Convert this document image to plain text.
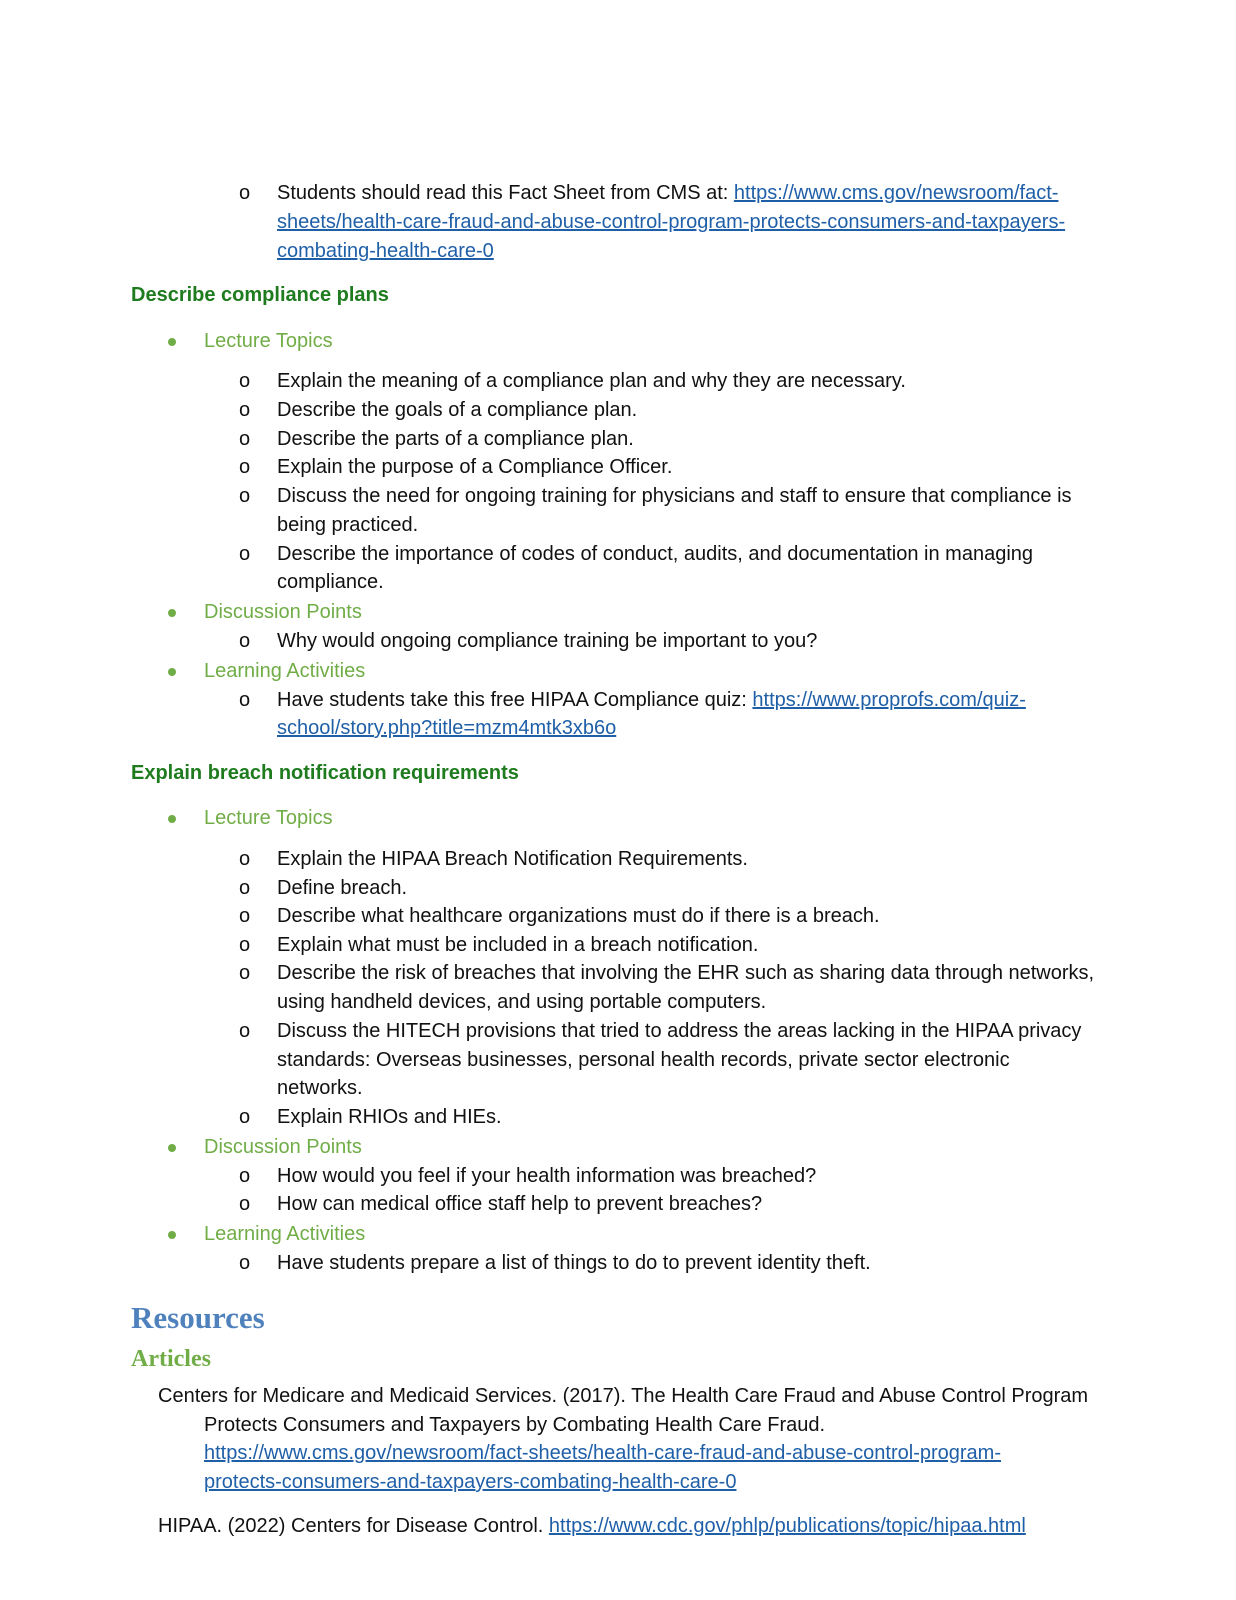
o Students should read this Fact Sheet from CMS at: https://www.cms.gov/newsroom/fact-
sheets/health-care-fraud-and-abuse-control-program-protects-consumers-and-taxpayers-
combating-health-care-0
Describe compliance plans
Lecture Topics
o Explain the meaning of a compliance plan and why they are necessary.
o Describe the goals of a compliance plan.
o Describe the parts of a compliance plan.
o Explain the purpose of a Compliance Officer.
o Discuss the need for ongoing training for physicians and staff to ensure that compliance is
being practiced.
o Describe the importance of codes of conduct, audits, and documentation in managing
compliance.
Discussion Points
o Why would ongoing compliance training be important to you?
Learning Activities
o Have students take this free HIPAA Compliance quiz: https://www.proprofs.com/quiz-
school/story.php?title=mzm4mtk3xb6o
Explain breach notification requirements
Lecture Topics
o Explain the HIPAA Breach Notification Requirements.
o Define breach.
o Describe what healthcare organizations must do if there is a breach.
o Explain what must be included in a breach notification.
o Describe the risk of breaches that involving the EHR such as sharing data through networks,
using handheld devices, and using portable computers.
o Discuss the HITECH provisions that tried to address the areas lacking in the HIPAA privacy
standards: Overseas businesses, personal health records, private sector electronic
networks.
o Explain RHIOs and HIEs.
Discussion Points
o How would you feel if your health information was breached?
o How can medical office staff help to prevent breaches?
Learning Activities
o Have students prepare a list of things to do to prevent identity theft.
Resources
Articles
Centers for Medicare and Medicaid Services. (2017). The Health Care Fraud and Abuse Control Program
Protects Consumers and Taxpayers by Combating Health Care Fraud.
https://www.cms.gov/newsroom/fact-sheets/health-care-fraud-and-abuse-control-program-
protects-consumers-and-taxpayers-combating-health-care-0
HIPAA. (2022) Centers for Disease Control. https://www.cdc.gov/phlp/publications/topic/hipaa.html
